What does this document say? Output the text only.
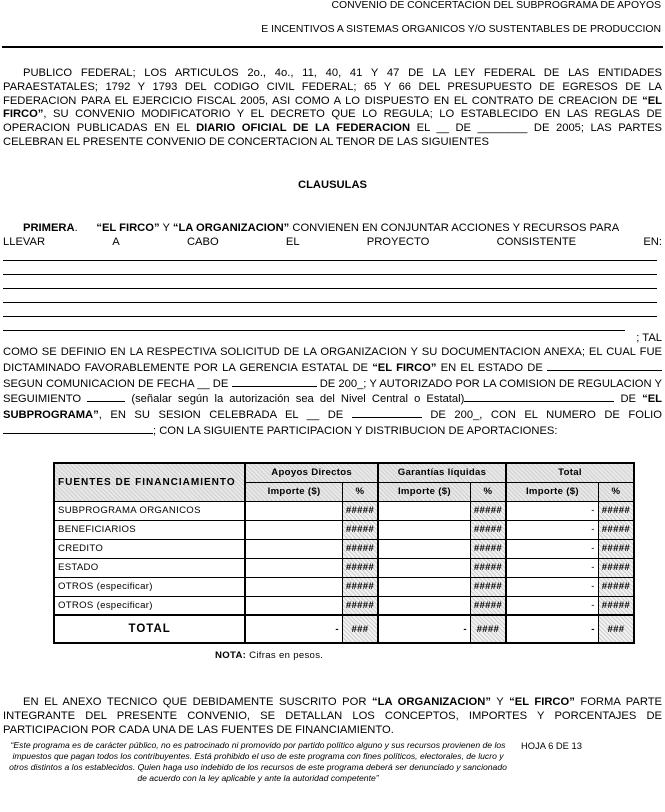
CONVENIO DE CONCERTACION DEL SUBPROGRAMA DE APOYOS
E INCENTIVOS A SISTEMAS ORGANICOS Y/O SUSTENTABLES DE PRODUCCION
PUBLICO FEDERAL; LOS ARTICULOS 2o., 4o., 11, 40, 41 Y 47 DE LA LEY FEDERAL DE LAS ENTIDADES PARAESTATALES; 1792 Y 1793 DEL CODIGO CIVIL FEDERAL; 65 Y 66 DEL PRESUPUESTO DE EGRESOS DE LA FEDERACION PARA EL EJERCICIO FISCAL 2005, ASI COMO A LO DISPUESTO EN EL CONTRATO DE CREACION DE “EL FIRCO”, SU CONVENIO MODIFICATORIO Y EL DECRETO QUE LO REGULA; LO ESTABLECIDO EN LAS REGLAS DE OPERACION PUBLICADAS EN EL DIARIO OFICIAL DE LA FEDERACION EL __ DE ________ DE 2005; LAS PARTES CELEBRAN EL PRESENTE CONVENIO DE CONCERTACION AL TENOR DE LAS SIGUIENTES
CLAUSULAS
PRIMERA. “EL FIRCO” Y “LA ORGANIZACION” CONVIENEN EN CONJUNTAR ACCIONES Y RECURSOS PARA
LLEVAR	A	CABO	EL	PROYECTO	CONSISTENTE	EN:
; TAL
COMO SE DEFINIO EN LA RESPECTIVA SOLICITUD DE LA ORGANIZACION Y SU DOCUMENTACION ANEXA; EL CUAL FUE DICTAMINADO FAVORABLEMENTE POR LA GERENCIA ESTATAL DE “EL FIRCO” EN EL ESTADO DE  SEGUN COMUNICACION DE FECHA __ DE	DE 200_; Y AUTORIZADO POR LA COMISION DE REGULACION Y SEGUIMIENTO	(señalar según la autorización sea del Nivel Central o Estatal)	DE “EL SUBPROGRAMA”, EN SU SESION CELEBRADA EL __ DE	DE 200_, CON EL NUMERO DE FOLIO ; CON LA SIGUIENTE PARTICIPACION Y DISTRIBUCION DE APORTACIONES:
FUENTES DE FINANCIAMIENTO	Apoyos Directos		Garantías líquidas		Total	
	Importe ($)	%	Importe ($)	%	Importe ($)	%
SUBPROGRAMA ORGANICOS		#####		#####	-	#####
BENEFICIARIOS		#####		#####	-	#####
CREDITO		#####		#####	-	#####
ESTADO		#####		#####	-	#####
OTROS (especificar)		#####		#####	-	#####
OTROS (especificar)		#####		#####	-	#####
TOTAL	-	###	-	####	-	###
NOTA: Cifras en pesos.
EN EL ANEXO TECNICO QUE DEBIDAMENTE SUSCRITO POR “LA ORGANIZACION” Y “EL FIRCO” FORMA PARTE INTEGRANTE DEL PRESENTE CONVENIO, SE DETALLAN LOS CONCEPTOS, IMPORTES Y PORCENTAJES DE PARTICIPACION POR CADA UNA DE LAS FUENTES DE FINANCIAMIENTO.
“Este programa es de carácter público, no es patrocinado ni promovido por partido político alguno y sus recursos provienen de los impuestos que pagan todos los contribuyentes. Está prohibido el uso de este programa con fines políticos, electorales, de lucro y otros distintos a los establecidos. Quien haga uso indebido de los recursos de este programa deberá ser denunciado y sancionado de acuerdo con la ley aplicable y ante la autoridad competente”
HOJA 6 DE 13
